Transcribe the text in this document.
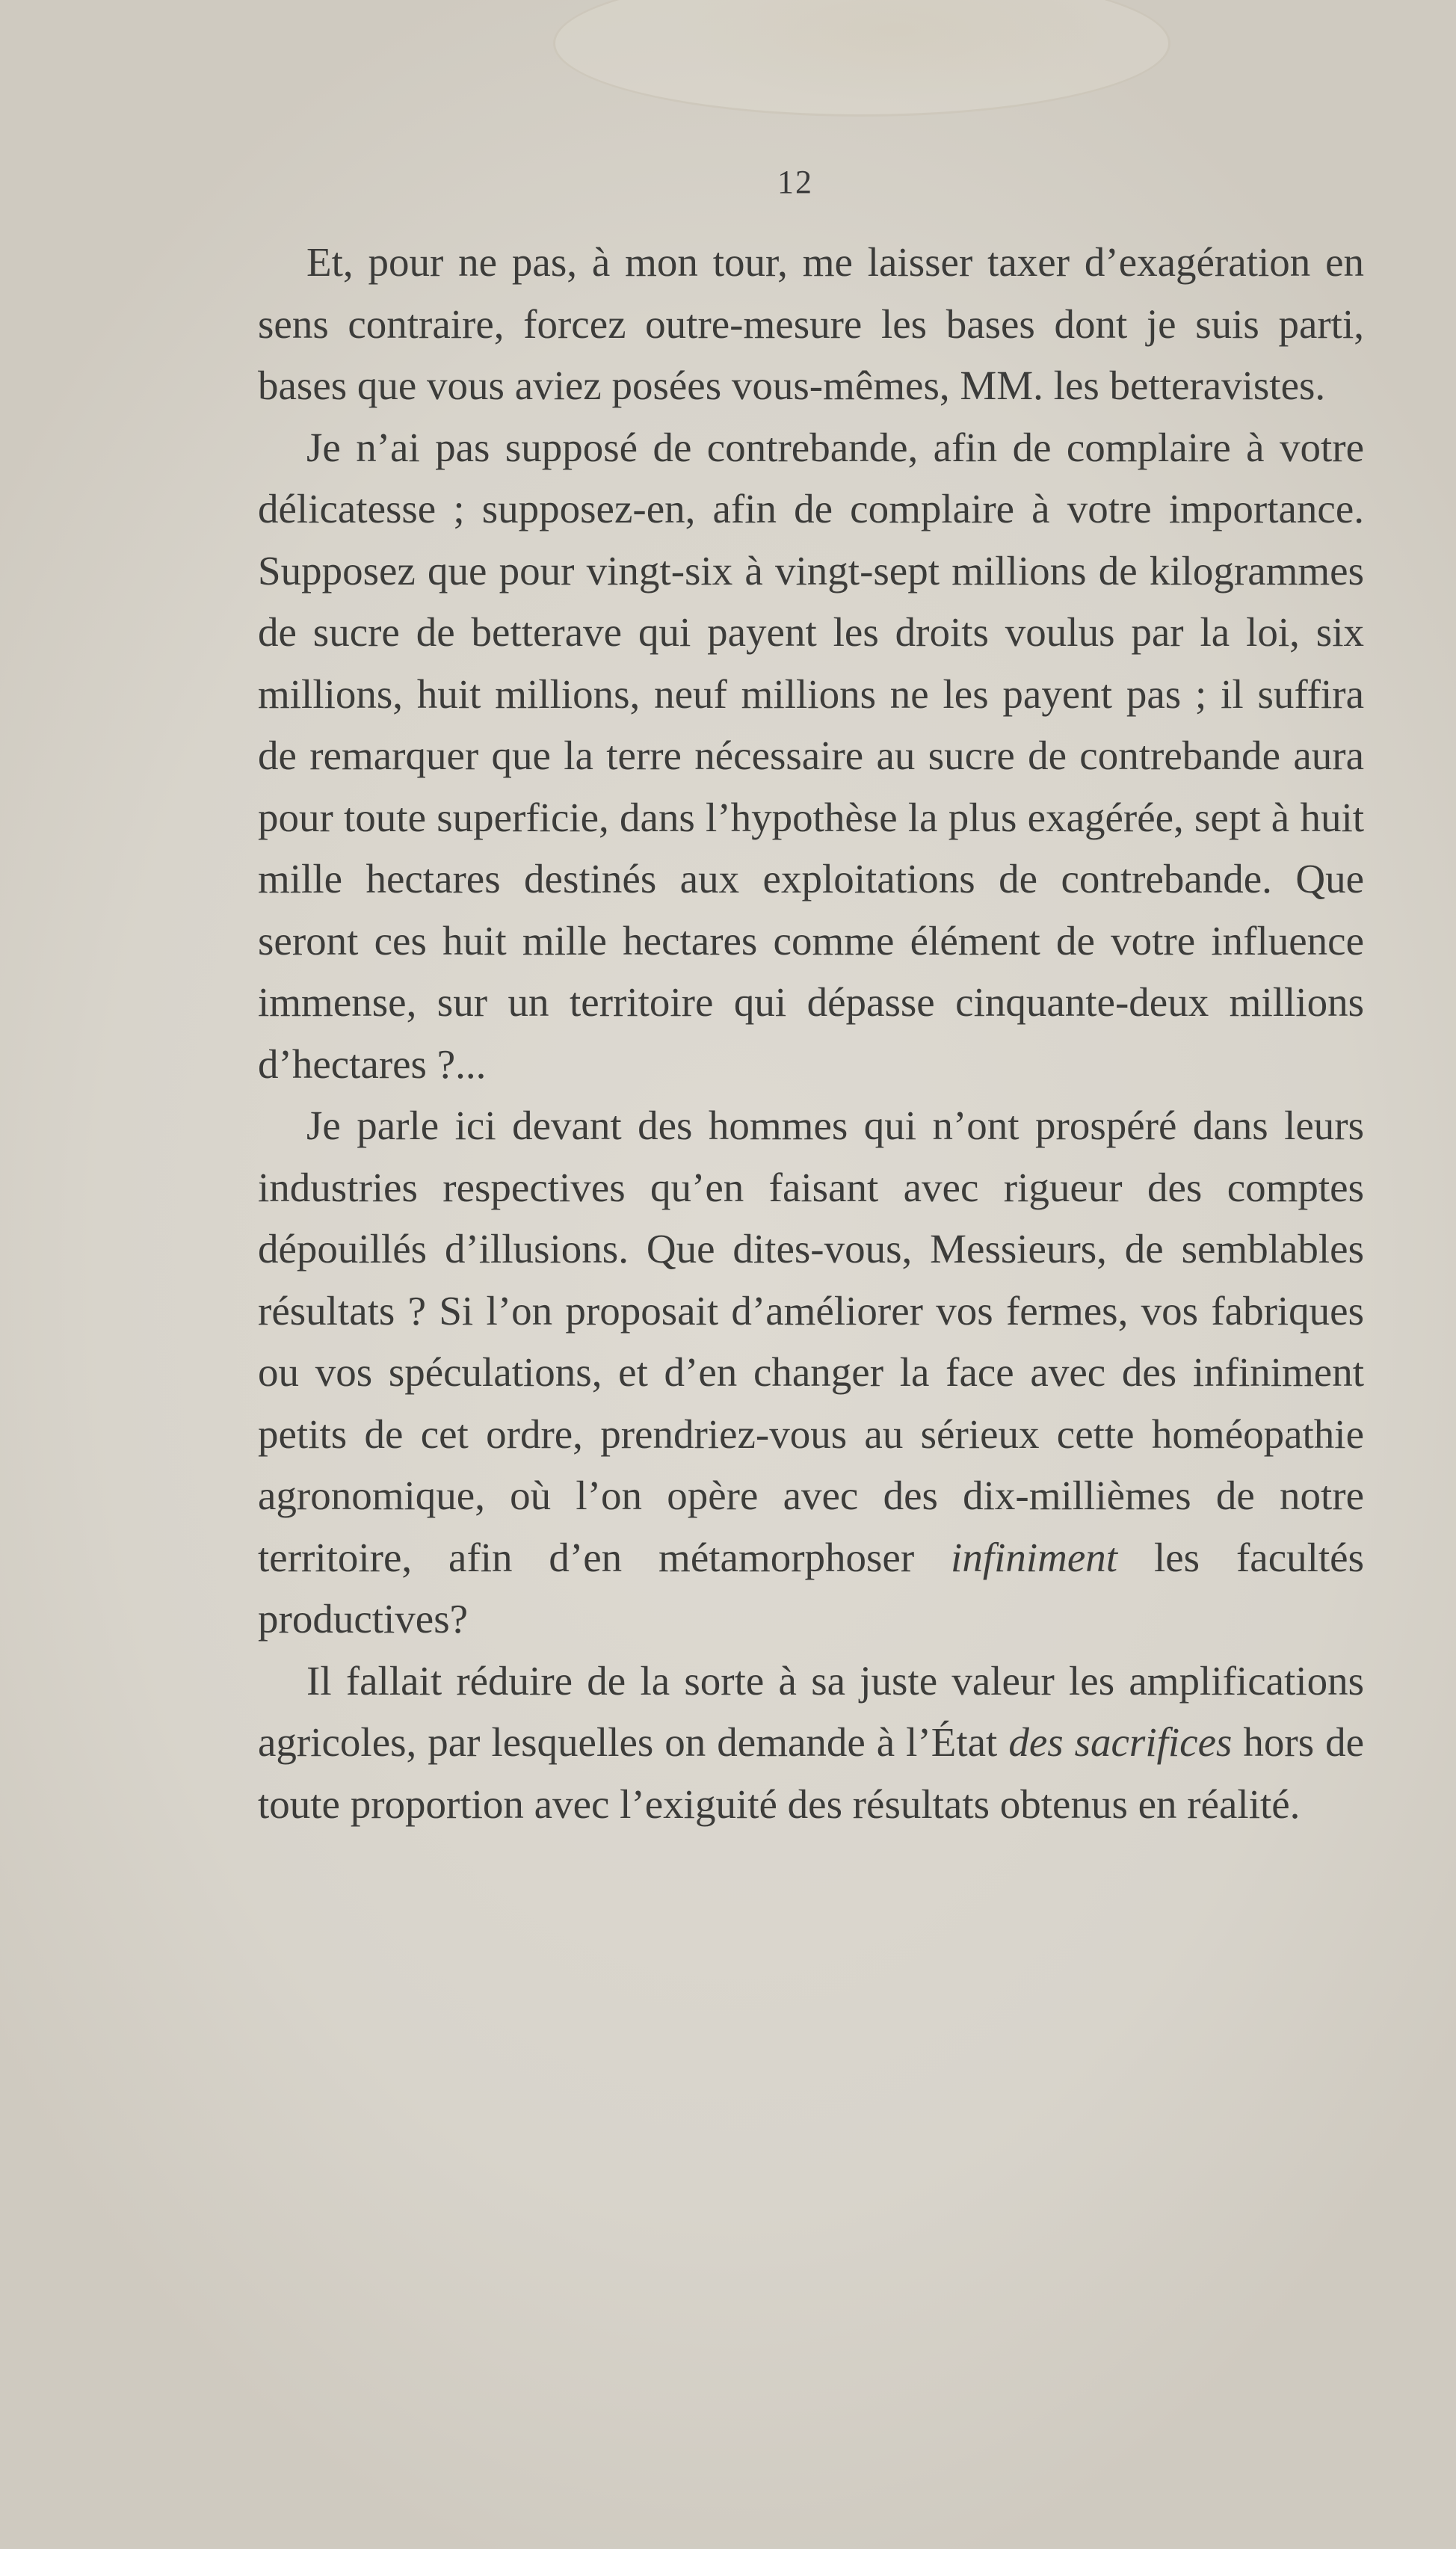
12

Et, pour ne pas, à mon tour, me laisser taxer d’exagération en sens contraire, forcez outre-mesure les bases dont je suis parti, bases que vous aviez posées vous-mêmes, MM. les betteravistes.

Je n’ai pas supposé de contrebande, afin de complaire à votre délicatesse ; supposez-en, afin de complaire à votre importance. Supposez que pour vingt-six à vingt-sept millions de kilogrammes de sucre de betterave qui payent les droits voulus par la loi, six millions, huit millions, neuf millions ne les payent pas ; il suffira de remarquer que la terre nécessaire au sucre de contrebande aura pour toute superficie, dans l’hypothèse la plus exagérée, sept à huit mille hectares destinés aux exploitations de contrebande. Que seront ces huit mille hectares comme élément de votre influence immense, sur un territoire qui dépasse cinquante-deux millions d’hectares ?...

Je parle ici devant des hommes qui n’ont prospéré dans leurs industries respectives qu’en faisant avec rigueur des comptes dépouillés d’illusions. Que dites-vous, Messieurs, de semblables résultats ? Si l’on proposait d’améliorer vos fermes, vos fabriques ou vos spéculations, et d’en changer la face avec des infiniment petits de cet ordre, prendriez-vous au sérieux cette homéopathie agronomique, où l’on opère avec des dix-millièmes de notre territoire, afin d’en métamorphoser infiniment les facultés productives?

Il fallait réduire de la sorte à sa juste valeur les amplifications agricoles, par lesquelles on demande à l’État des sacrifices hors de toute proportion avec l’exiguité des résultats obtenus en réalité.
